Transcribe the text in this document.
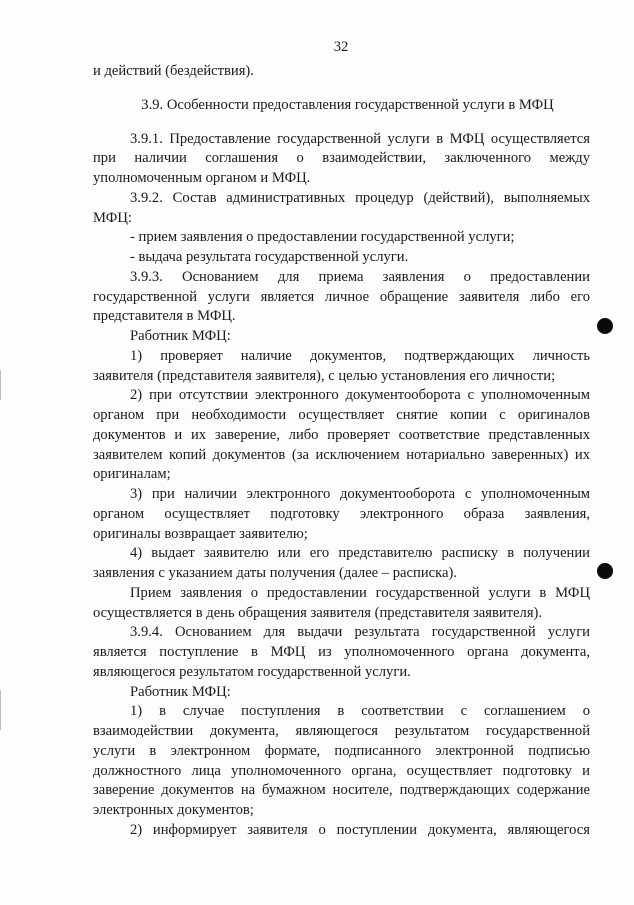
32
и действий (бездействия).
3.9. Особенности предоставления государственной услуги в МФЦ
3.9.1. Предоставление государственной услуги в МФЦ осуществляется
при наличии соглашения о взаимодействии, заключенного между
уполномоченным органом и МФЦ.
3.9.2. Состав административных процедур (действий), выполняемых
МФЦ:
- прием заявления о предоставлении государственной услуги;
- выдача результата государственной услуги.
3.9.3. Основанием для приема заявления о предоставлении
государственной услуги является личное обращение заявителя либо его
представителя в МФЦ.
Работник МФЦ:
1) проверяет наличие документов, подтверждающих личность
заявителя (представителя заявителя), с целью установления его личности;
2) при отсутствии электронного документооборота с уполномоченным
органом при необходимости осуществляет снятие копии с оригиналов
документов и их заверение, либо проверяет соответствие представленных
заявителем копий документов (за исключением нотариально заверенных) их
оригиналам;
3) при наличии электронного документооборота с уполномоченным
органом осуществляет подготовку электронного образа заявления,
оригиналы возвращает заявителю;
4) выдает заявителю или его представителю расписку в получении
заявления с указанием даты получения (далее – расписка).
Прием заявления о предоставлении государственной услуги в МФЦ
осуществляется в день обращения заявителя (представителя заявителя).
3.9.4. Основанием для выдачи результата государственной услуги
является поступление в МФЦ из уполномоченного органа документа,
являющегося результатом государственной услуги.
Работник МФЦ:
1) в случае поступления в соответствии с соглашением о
взаимодействии документа, являющегося результатом государственной
услуги в электронном формате, подписанного электронной подписью
должностного лица уполномоченного органа, осуществляет подготовку и
заверение документов на бумажном носителе, подтверждающих содержание
электронных документов;
2) информирует заявителя о поступлении документа, являющегося
